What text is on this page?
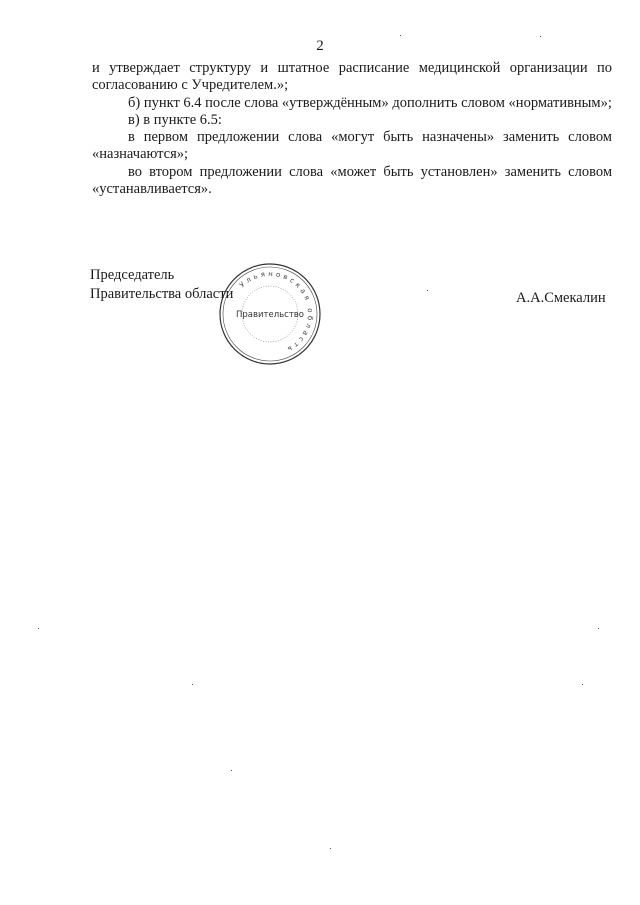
2

и утверждает структуру и штатное расписание медицинской организации по согласованию с Учредителем.»;

б) пункт 6.4 после слова «утверждённым» дополнить словом «нормативным»;

в) в пункте 6.5:

в первом предложении слова «могут быть назначены» заменить словом «назначаются»;

во втором предложении слова «может быть установлен» заменить словом «устанавливается».

Председатель
Правительства области
Ульяновская область
Правительство
А.А.Смекалин
